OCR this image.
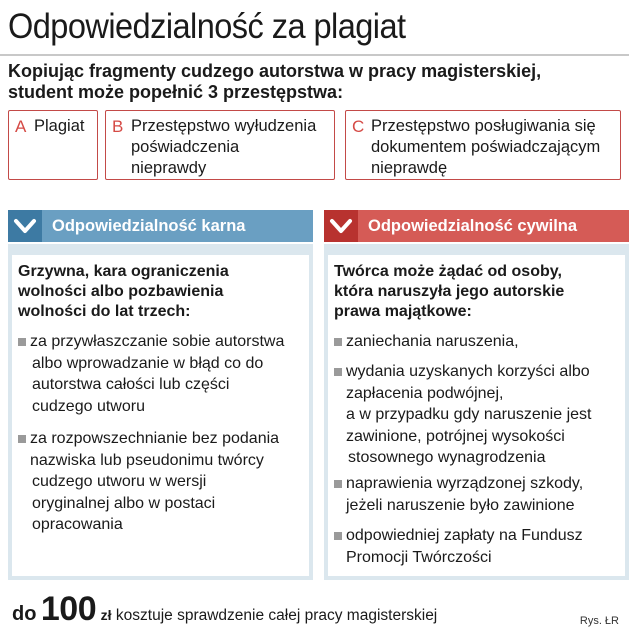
Odpowiedzialność za plagiat
Kopiując fragmenty cudzego autorstwa w pracy magisterskiej,
student może popełnić 3 przestępstwa:
A Plagiat	B Przestępstwo wyłudzenia
poświadczenia
nieprawdy
C Przestępstwo posługiwania się
dokumentem poświadczającym
nieprawdę
Odpowiedzialność karna
Grzywna, kara ograniczenia
wolności albo pozbawienia
wolności do lat trzech:
za przywłaszczanie sobie autorstwa
albo wprowadzanie w błąd co do
autorstwa całości lub części
cudzego utworu
za rozpowszechnianie bez podania
nazwiska lub pseudonimu twórcy
cudzego utworu w wersji
oryginalnej albo w postaci
opracowania
Odpowiedzialność cywilna
Twórca może żądać od osoby,
która naruszyła jego autorskie
prawa majątkowe:
zaniechania naruszenia,
wydania uzyskanych korzyści albo
zapłacenia podwójnej,
a w przypadku gdy naruszenie jest
zawinione, potrójnej wysokości
stosownego wynagrodzenia
naprawienia wyrządzonej szkody,
jeżeli naruszenie było zawinione
odpowiedniej zapłaty na Fundusz
Promocji Twórczości
do 100 zł kosztuje sprawdzenie całej pracy magisterskiej	Rys. ŁR
